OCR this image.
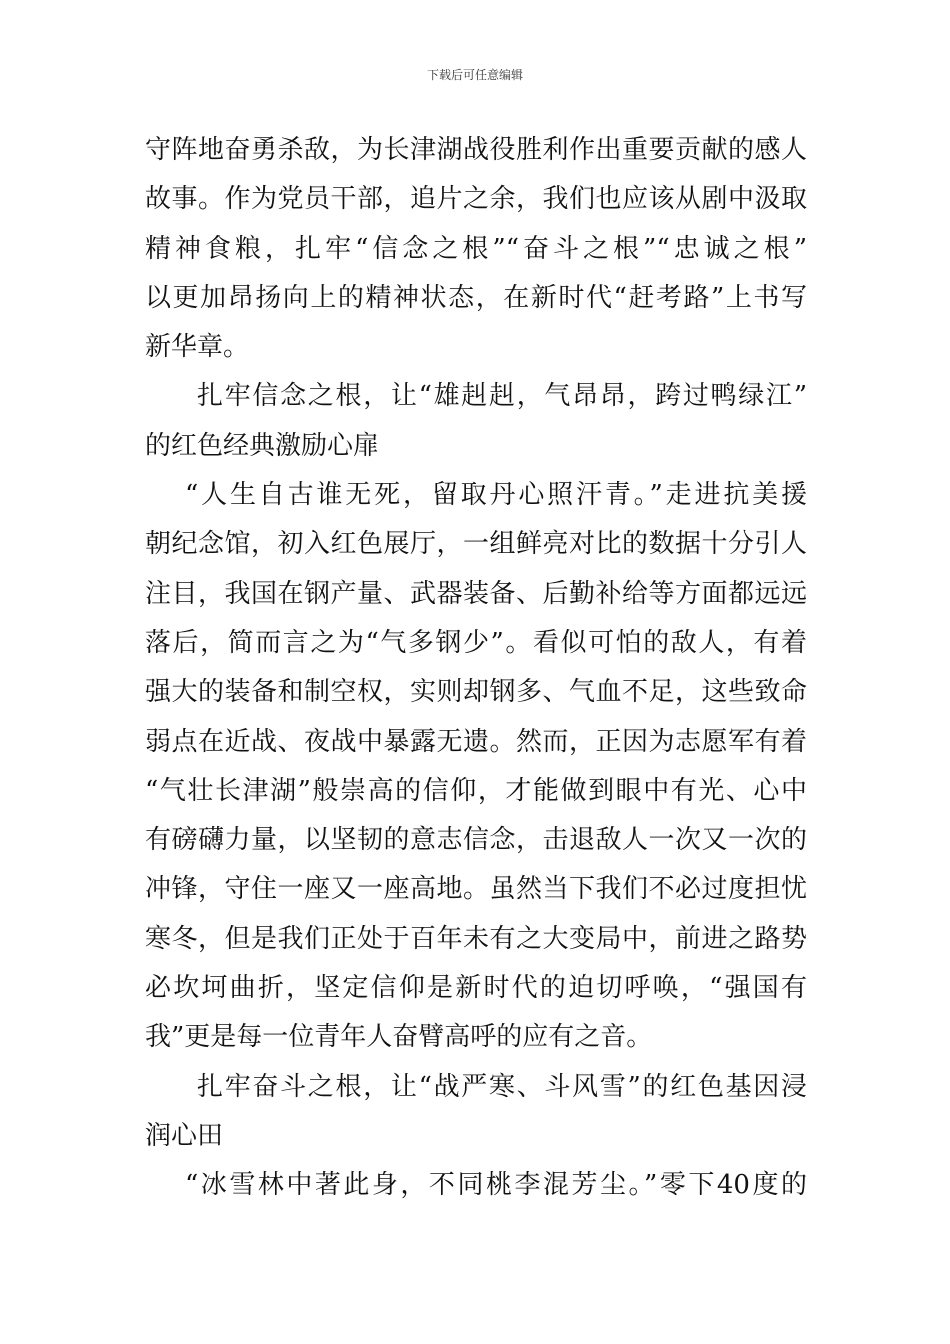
下载后可任意编辑
守阵地奋勇杀敌，为长津湖战役胜利作出重要贡献的感人
故事。作为党员干部，追片之余，我们也应该从剧中汲取
精神食粮，扎牢“信念之根”“奋斗之根”“忠诚之根”
以更加昂扬向上的精神状态，在新时代“赶考路”上书写
新华章。
扎牢信念之根，让“雄赳赳，气昂昂，跨过鸭绿江”
的红色经典激励心扉
“人生自古谁无死，留取丹心照汗青。”走进抗美援
朝纪念馆，初入红色展厅，一组鲜亮对比的数据十分引人
注目，我国在钢产量、武器装备、后勤补给等方面都远远
落后，简而言之为“气多钢少”。看似可怕的敌人，有着
强大的装备和制空权，实则却钢多、气血不足，这些致命
弱点在近战、夜战中暴露无遗。然而，正因为志愿军有着
“气壮长津湖”般崇高的信仰，才能做到眼中有光、心中
有磅礴力量，以坚韧的意志信念，击退敌人一次又一次的
冲锋，守住一座又一座高地。虽然当下我们不必过度担忧
寒冬，但是我们正处于百年未有之大变局中，前进之路势
必坎坷曲折，坚定信仰是新时代的迫切呼唤，“强国有
我”更是每一位青年人奋臂高呼的应有之音。
扎牢奋斗之根，让“战严寒、斗风雪”的红色基因浸
润心田
“冰雪林中著此身，不同桃李混芳尘。”零下40度的
